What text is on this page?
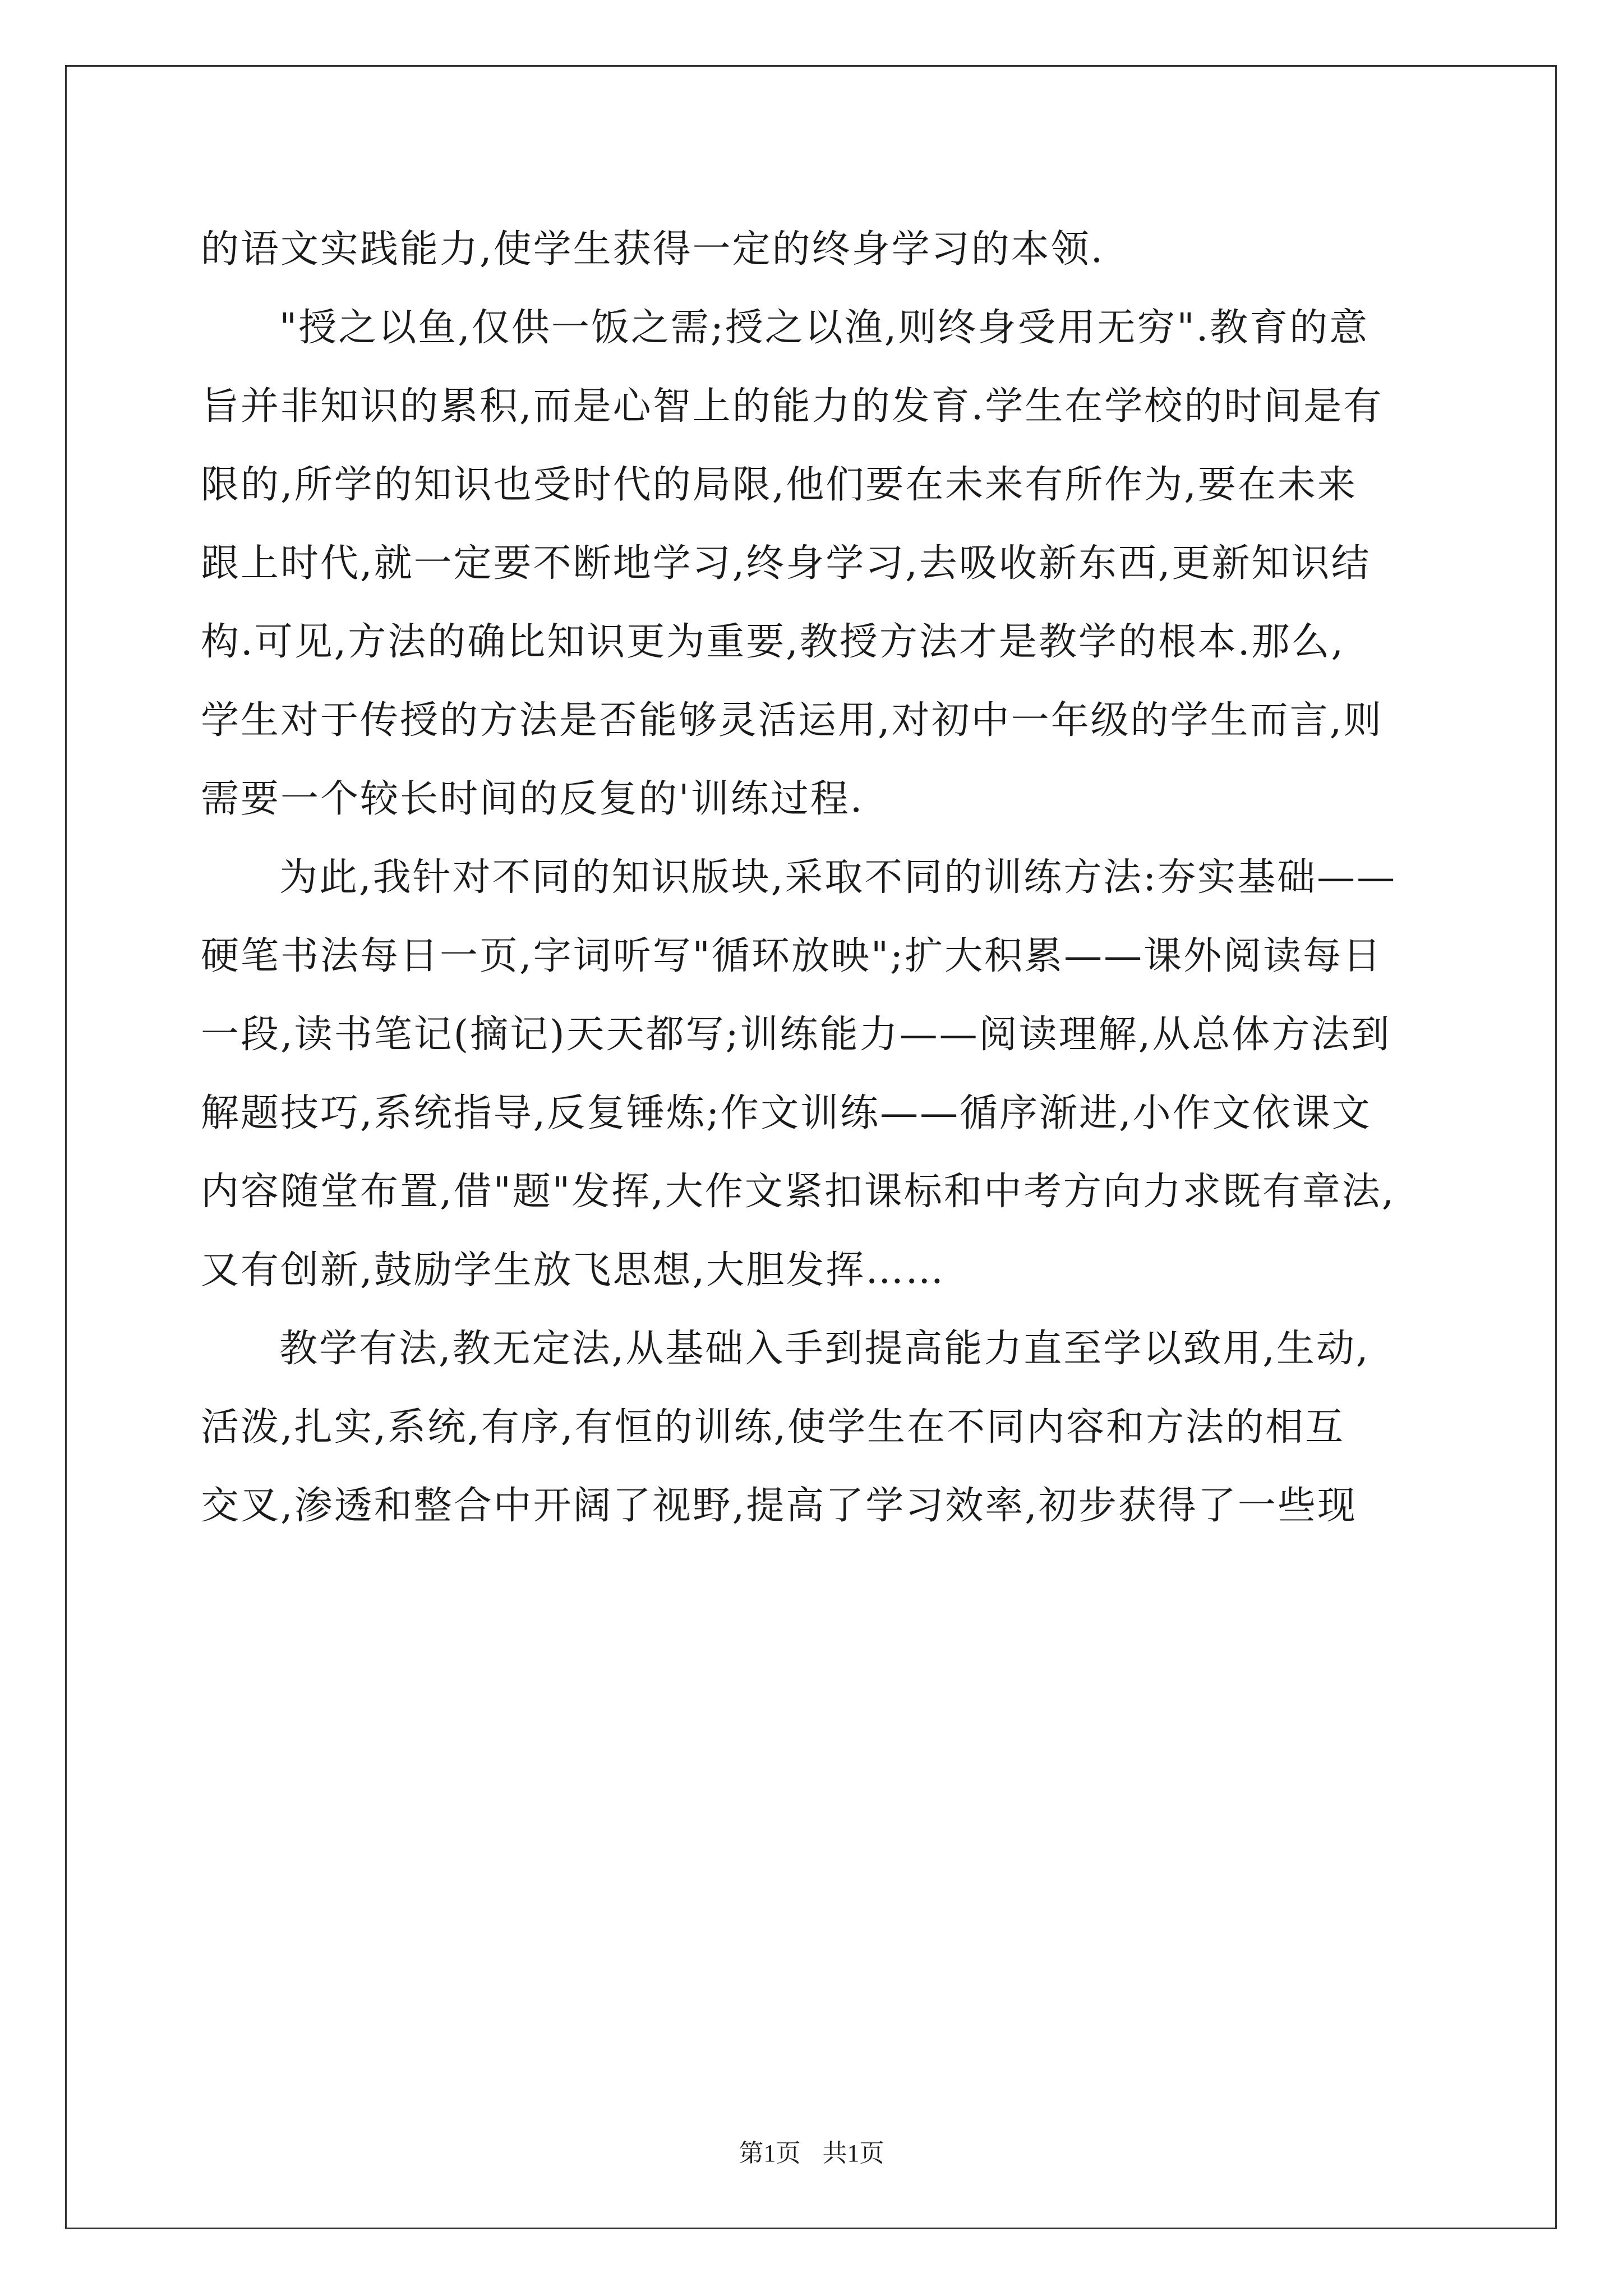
的语文实践能力,使学生获得一定的终身学习的本领.
"授之以鱼,仅供一饭之需;授之以渔,则终身受用无穷".教育的意
旨并非知识的累积,而是心智上的能力的发育.学生在学校的时间是有
限的,所学的知识也受时代的局限,他们要在未来有所作为,要在未来
跟上时代,就一定要不断地学习,终身学习,去吸收新东西,更新知识结
构.可见,方法的确比知识更为重要,教授方法才是教学的根本.那么,
学生对于传授的方法是否能够灵活运用,对初中一年级的学生而言,则
需要一个较长时间的反复的'训练过程.
为此,我针对不同的知识版块,采取不同的训练方法:夯实基础——
硬笔书法每日一页,字词听写"循环放映";扩大积累——课外阅读每日
一段,读书笔记(摘记)天天都写;训练能力——阅读理解,从总体方法到
解题技巧,系统指导,反复锤炼;作文训练——循序渐进,小作文依课文
内容随堂布置,借"题"发挥,大作文紧扣课标和中考方向力求既有章法,
又有创新,鼓励学生放飞思想,大胆发挥……
教学有法,教无定法,从基础入手到提高能力直至学以致用,生动,
活泼,扎实,系统,有序,有恒的训练,使学生在不同内容和方法的相互
交叉,渗透和整合中开阔了视野,提高了学习效率,初步获得了一些现
第1页 共1页
